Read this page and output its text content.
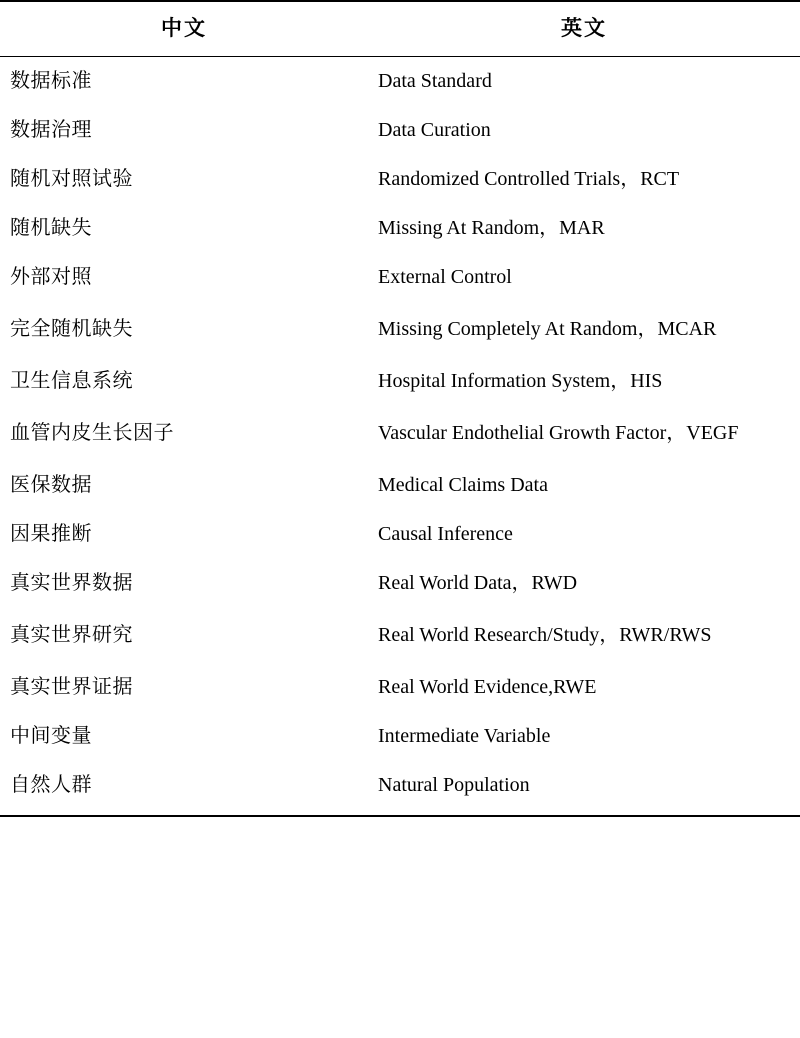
中文	英文
数据标准	Data Standard
数据治理	Data Curation
随机对照试验	Randomized Controlled Trials，RCT
随机缺失	Missing At Random，MAR
外部对照	External Control
完全随机缺失	Missing Completely At Random，MCAR
卫生信息系统	Hospital Information System，HIS
血管内皮生长因子	Vascular Endothelial Growth Factor，VEGF
医保数据	Medical Claims Data
因果推断	Causal Inference
真实世界数据	Real World Data，RWD
真实世界研究	Real World Research/Study，RWR/RWS
真实世界证据	Real World Evidence,RWE
中间变量	Intermediate Variable
自然人群	Natural Population
